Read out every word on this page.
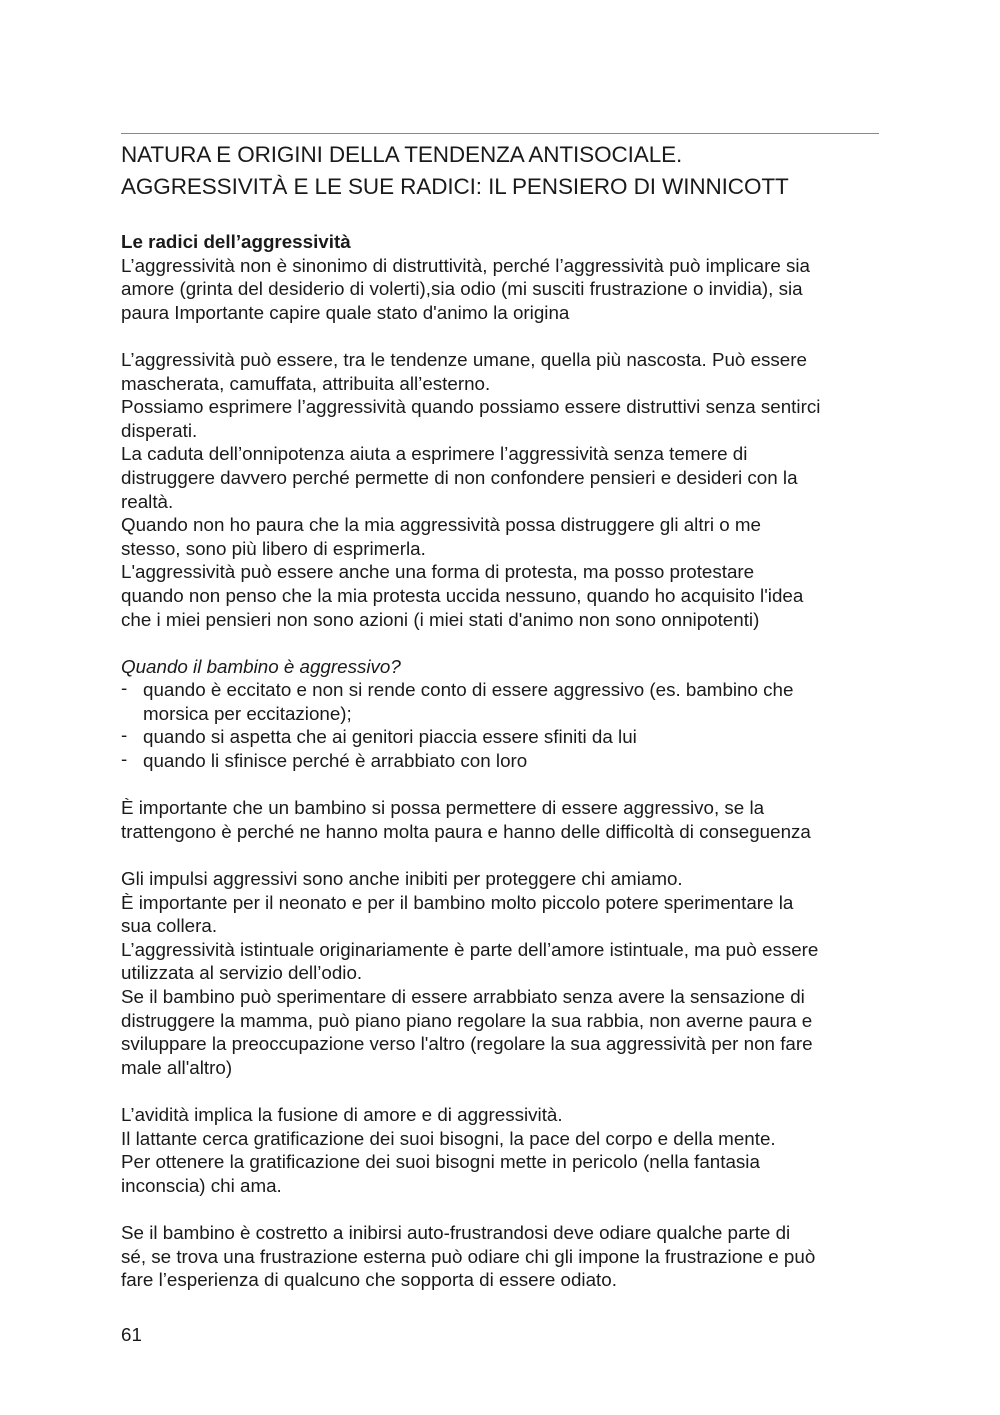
NATURA E ORIGINI DELLA TENDENZA ANTISOCIALE.
AGGRESSIVITÀ E LE SUE RADICI: IL PENSIERO DI WINNICOTT

Le radici dell’aggressività

L’aggressività non è sinonimo di distruttività, perché l’aggressività può implicare sia
amore (grinta del desiderio di volerti),sia odio (mi susciti frustrazione o invidia), sia
paura Importante capire quale stato d'animo la origina

L’aggressività può essere, tra le tendenze umane, quella più nascosta. Può essere
mascherata, camuffata, attribuita all’esterno.
Possiamo esprimere l’aggressività quando possiamo essere distruttivi senza sentirci
disperati.
La caduta dell’onnipotenza aiuta a esprimere l’aggressività senza temere di
distruggere davvero perché permette di non confondere pensieri e desideri con la
realtà.
Quando non ho paura che la mia aggressività possa distruggere gli altri o me
stesso, sono più libero di esprimerla.
L'aggressività può essere anche una forma di protesta, ma posso protestare
quando non penso che la mia protesta uccida nessuno, quando ho acquisito l'idea
che i miei pensieri non sono azioni (i miei stati d'animo non sono onnipotenti)

Quando il bambino è aggressivo?

- quando è eccitato e non si rende conto di essere aggressivo (es. bambino che
morsica per eccitazione);
- quando si aspetta che ai genitori piaccia essere sfiniti da lui
- quando li sfinisce perché è arrabbiato con loro

È importante che un bambino si possa permettere di essere aggressivo, se la
trattengono è perché ne hanno molta paura e hanno delle difficoltà di conseguenza

Gli impulsi aggressivi sono anche inibiti per proteggere chi amiamo.
È importante per il neonato e per il bambino molto piccolo potere sperimentare la
sua collera.
L’aggressività istintuale originariamente è parte dell’amore istintuale, ma può essere
utilizzata al servizio dell’odio.
Se il bambino può sperimentare di essere arrabbiato senza avere la sensazione di
distruggere la mamma, può piano piano regolare la sua rabbia, non averne paura e
sviluppare la preoccupazione verso l'altro (regolare la sua aggressività per non fare
male all'altro)

L’avidità implica la fusione di amore e di aggressività.
Il lattante cerca gratificazione dei suoi bisogni, la pace del corpo e della mente.
Per ottenere la gratificazione dei suoi bisogni mette in pericolo (nella fantasia
inconscia) chi ama.

Se il bambino è costretto a inibirsi auto-frustrandosi deve odiare qualche parte di
sé, se trova una frustrazione esterna può odiare chi gli impone la frustrazione e può
fare l’esperienza di qualcuno che sopporta di essere odiato.

61
